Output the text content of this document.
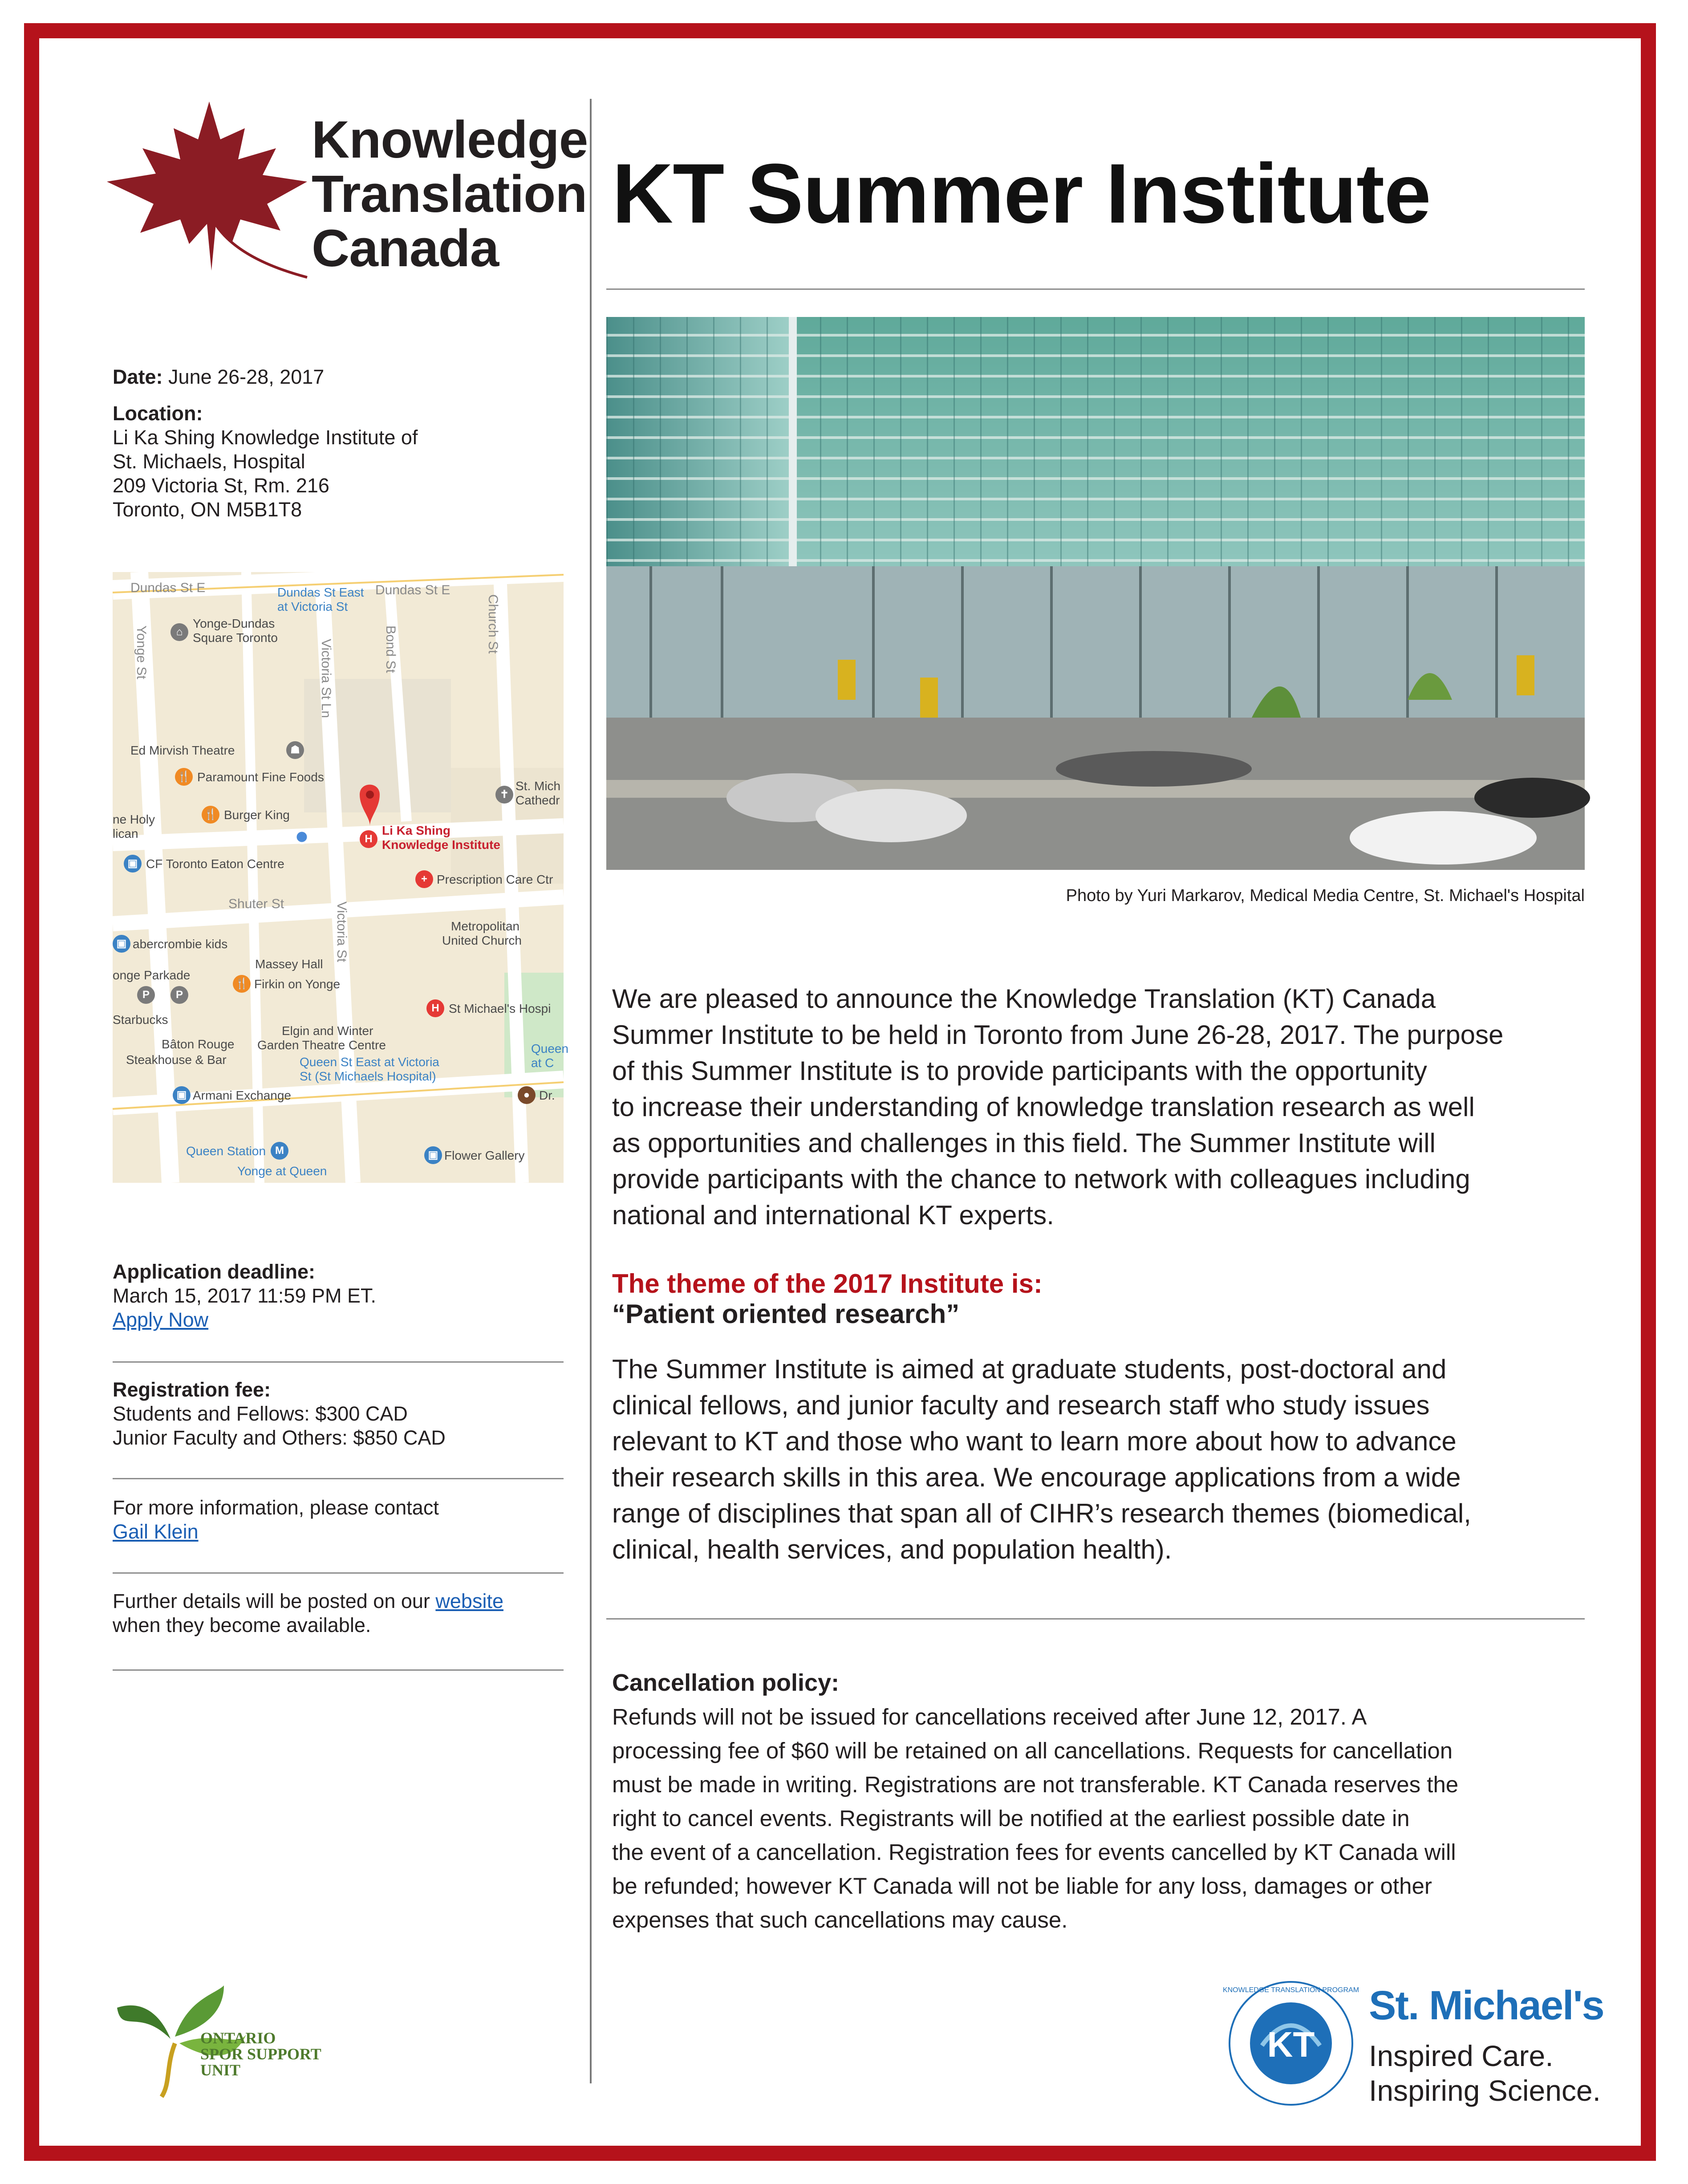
Knowledge
Translation
Canada
KT Summer Institute
Date: June 26-28, 2017
Location:
Li Ka Shing Knowledge Institute of
St. Michaels, Hospital
209 Victoria St, Rm. 216
Toronto, ON M5B1T8
Dundas St E	Dundas St E
Church St
Bond St
Victoria St Ln
Yonge St
Shuter St	Victoria St
Dundas St East
at Victoria St
⌂
Yonge-Dundas
Square Toronto
Ed Mirvish Theatre	☗
🍴 Paramount Fine Foods
✝
St. Mich
Cathedr
ne Holy
lican
🍴 Burger King
H
Li Ka Shing
Knowledge Institute
▣ CF Toronto Eaton Centre
+ Prescription Care Ctr
Metropolitan
United Church
▣ abercrombie kids
Massey Hall
onge Parkade
🍴 Firkin on Yonge
P	P
H St Michael's Hospi
Starbucks
Elgin and Winter
Bâton Rouge Garden Theatre Centre
Steakhouse & Bar	Queen St East at Victoria
St (St Michaels Hospital)
▣ Armani Exchange	● Dr.
Queen Station M
Yonge at Queen
▣ Flower Gallery
Queen
at C
Application deadline:
March 15, 2017 11:59 PM ET.
Apply Now
Registration fee:
Students and Fellows: $300 CAD
Junior Faculty and Others: $850 CAD
For more information, please contact
Gail Klein
Further details will be posted on our website
when they become available.
Photo by Yuri Markarov, Medical Media Centre, St. Michael's Hospital
We are pleased to announce the Knowledge Translation (KT) Canada
Summer Institute to be held in Toronto from June 26-28, 2017. The purpose
of this Summer Institute is to provide participants with the opportunity
to increase their understanding of knowledge translation research as well
as opportunities and challenges in this field. The Summer Institute will
provide participants with the chance to network with colleagues including
national and international KT experts.
The theme of the 2017 Institute is:
“Patient oriented research”
The Summer Institute is aimed at graduate students, post-doctoral and
clinical fellows, and junior faculty and research staff who study issues
relevant to KT and those who want to learn more about how to advance
their research skills in this area. We encourage applications from a wide
range of disciplines that span all of CIHR’s research themes (biomedical,
clinical, health services, and population health).
Cancellation policy:
Refunds will not be issued for cancellations received after June 12, 2017. A
processing fee of $60 will be retained on all cancellations. Requests for cancellation
must be made in writing. Registrations are not transferable. KT Canada reserves the
right to cancel events. Registrants will be notified at the earliest possible date in
the event of a cancellation. Registration fees for events cancelled by KT Canada will
be refunded; however KT Canada will not be liable for any loss, damages or other
expenses that such cancellations may cause.
ONTARIO
SPOR SUPPORT
UNIT
KT
KNOWLEDGE TRANSLATION PROGRAM St. Michael's
Inspired Care.
Inspiring Science.
